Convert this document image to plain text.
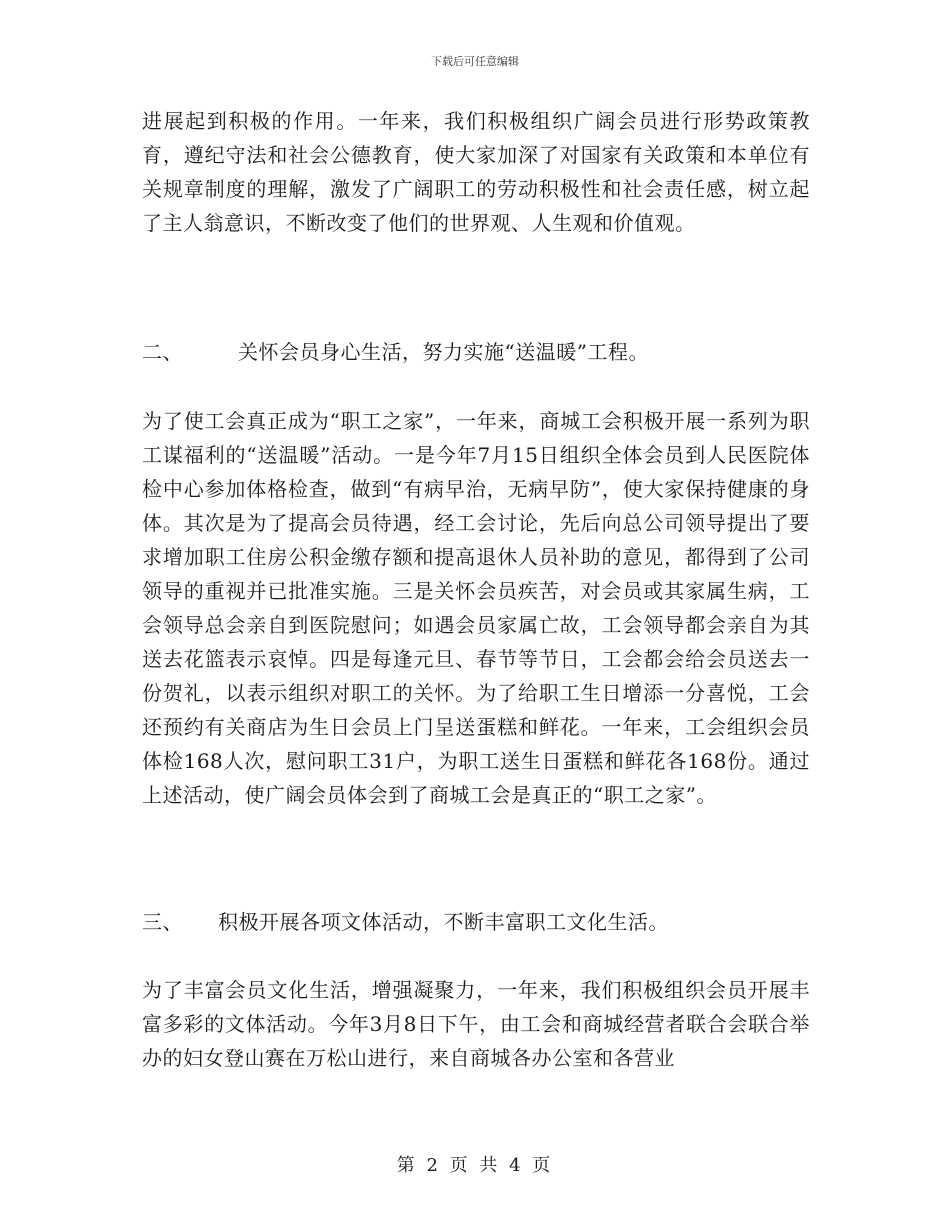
下载后可任意编辑

进展起到积极的作用。一年来，我们积极组织广阔会员进行形势政策教育，遵纪守法和社会公德教育，使大家加深了对国家有关政策和本单位有关规章制度的理解，激发了广阔职工的劳动积极性和社会责任感，树立起了主人翁意识，不断改变了他们的世界观、人生观和价值观。

二、	关怀会员身心生活，努力实施“送温暖”工程。

为了使工会真正成为“职工之家”，一年来，商城工会积极开展一系列为职工谋福利的“送温暖”活动。一是今年7月15日组织全体会员到人民医院体检中心参加体格检查，做到“有病早治，无病早防”，使大家保持健康的身体。其次是为了提高会员待遇，经工会讨论，先后向总公司领导提出了要求增加职工住房公积金缴存额和提高退休人员补助的意见，都得到了公司领导的重视并已批准实施。三是关怀会员疾苦，对会员或其家属生病，工会领导总会亲自到医院慰问；如遇会员家属亡故，工会领导都会亲自为其送去花篮表示哀悼。四是每逢元旦、春节等节日，工会都会给会员送去一份贺礼，以表示组织对职工的关怀。为了给职工生日增添一分喜悦，工会还预约有关商店为生日会员上门呈送蛋糕和鲜花。一年来，工会组织会员体检168人次，慰问职工31户，为职工送生日蛋糕和鲜花各168份。通过上述活动，使广阔会员体会到了商城工会是真正的“职工之家”。

三、 积极开展各项文体活动，不断丰富职工文化生活。

为了丰富会员文化生活，增强凝聚力，一年来，我们积极组织会员开展丰富多彩的文体活动。今年3月8日下午，由工会和商城经营者联合会联合举办的妇女登山赛在万松山进行，来自商城各办公室和各营业

第 2 页 共 4 页
